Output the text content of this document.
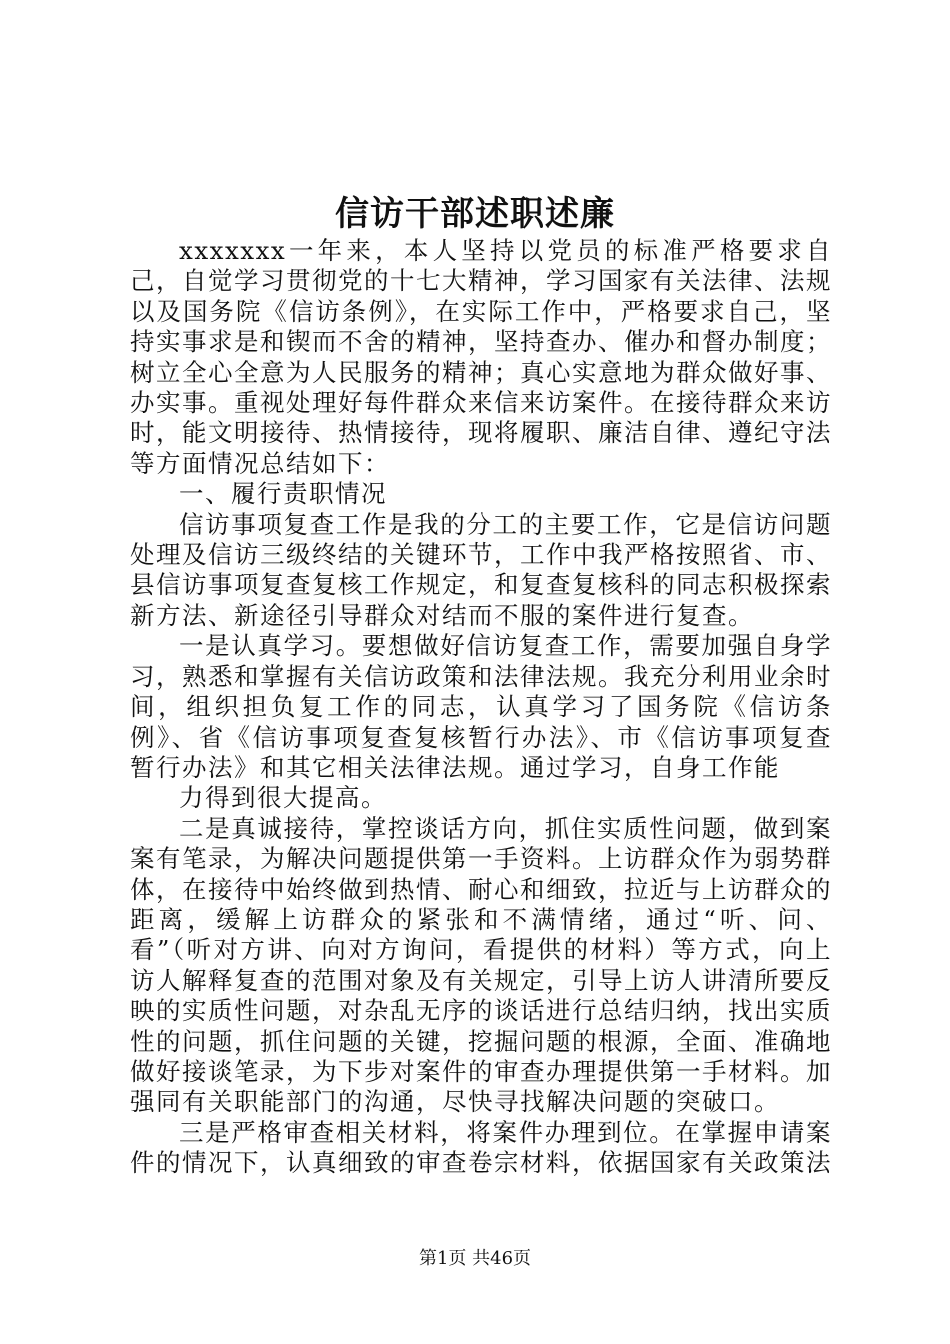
信访干部述职述廉

xxxxxxx一年来，本人坚持以党员的标准严格要求自己，自觉学习贯彻党的十七大精神，学习国家有关法律、法规以及国务院《信访条例》，在实际工作中，严格要求自己，坚持实事求是和锲而不舍的精神，坚持查办、催办和督办制度；树立全心全意为人民服务的精神；真心实意地为群众做好事、办实事。重视处理好每件群众来信来访案件。在接待群众来访时，能文明接待、热情接待，现将履职、廉洁自律、遵纪守法等方面情况总结如下：

一、履行责职情况

信访事项复查工作是我的分工的主要工作，它是信访问题处理及信访三级终结的关键环节，工作中我严格按照省、市、县信访事项复查复核工作规定，和复查复核科的同志积极探索新方法、新途径引导群众对结而不服的案件进行复查。

一是认真学习。要想做好信访复查工作，需要加强自身学习，熟悉和掌握有关信访政策和法律法规。我充分利用业余时间，组织担负复工作的同志，认真学习了国务院《信访条例》、省《信访事项复查复核暂行办法》、市《信访事项复查暂行办法》和其它相关法律法规。通过学习，自身工作能

力得到很大提高。

二是真诚接待，掌控谈话方向，抓住实质性问题，做到案案有笔录，为解决问题提供第一手资料。上访群众作为弱势群体，在接待中始终做到热情、耐心和细致，拉近与上访群众的距离，缓解上访群众的紧张和不满情绪，通过“听、问、看”（听对方讲、向对方询问，看提供的材料）等方式，向上访人解释复查的范围对象及有关规定，引导上访人讲清所要反映的实质性问题，对杂乱无序的谈话进行总结归纳，找出实质性的问题，抓住问题的关键，挖掘问题的根源，全面、准确地做好接谈笔录，为下步对案件的审查办理提供第一手材料。加强同有关职能部门的沟通，尽快寻找解决问题的突破口。

三是严格审查相关材料，将案件办理到位。在掌握申请案件的情况下，认真细致的审查卷宗材料，依据国家有关政策法

第1页 共46页
